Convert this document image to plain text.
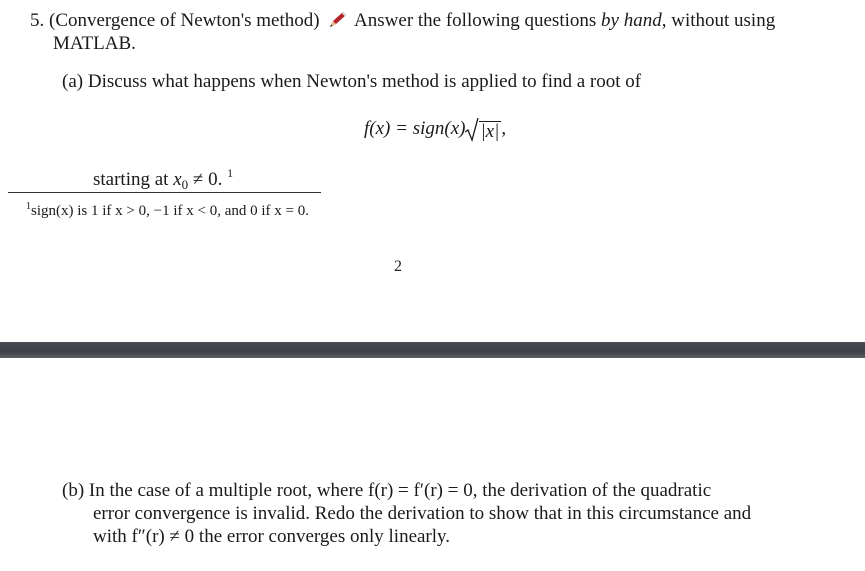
5. (Convergence of Newton's method) Answer the following questions by hand, without using
MATLAB.
(a) Discuss what happens when Newton's method is applied to find a root of
f(x) = sign(x) |x| ,
starting at $x_0 \ne 0$. $^1$
$^1$sign(x) is 1 if x > 0, −1 if x < 0, and 0 if x = 0.
2
(b) In the case of a multiple root, where f(r) = f′(r) = 0, the derivation of the quadratic
error convergence is invalid. Redo the derivation to show that in this circumstance and
with f″(r) ≠ 0 the error converges only linearly.
